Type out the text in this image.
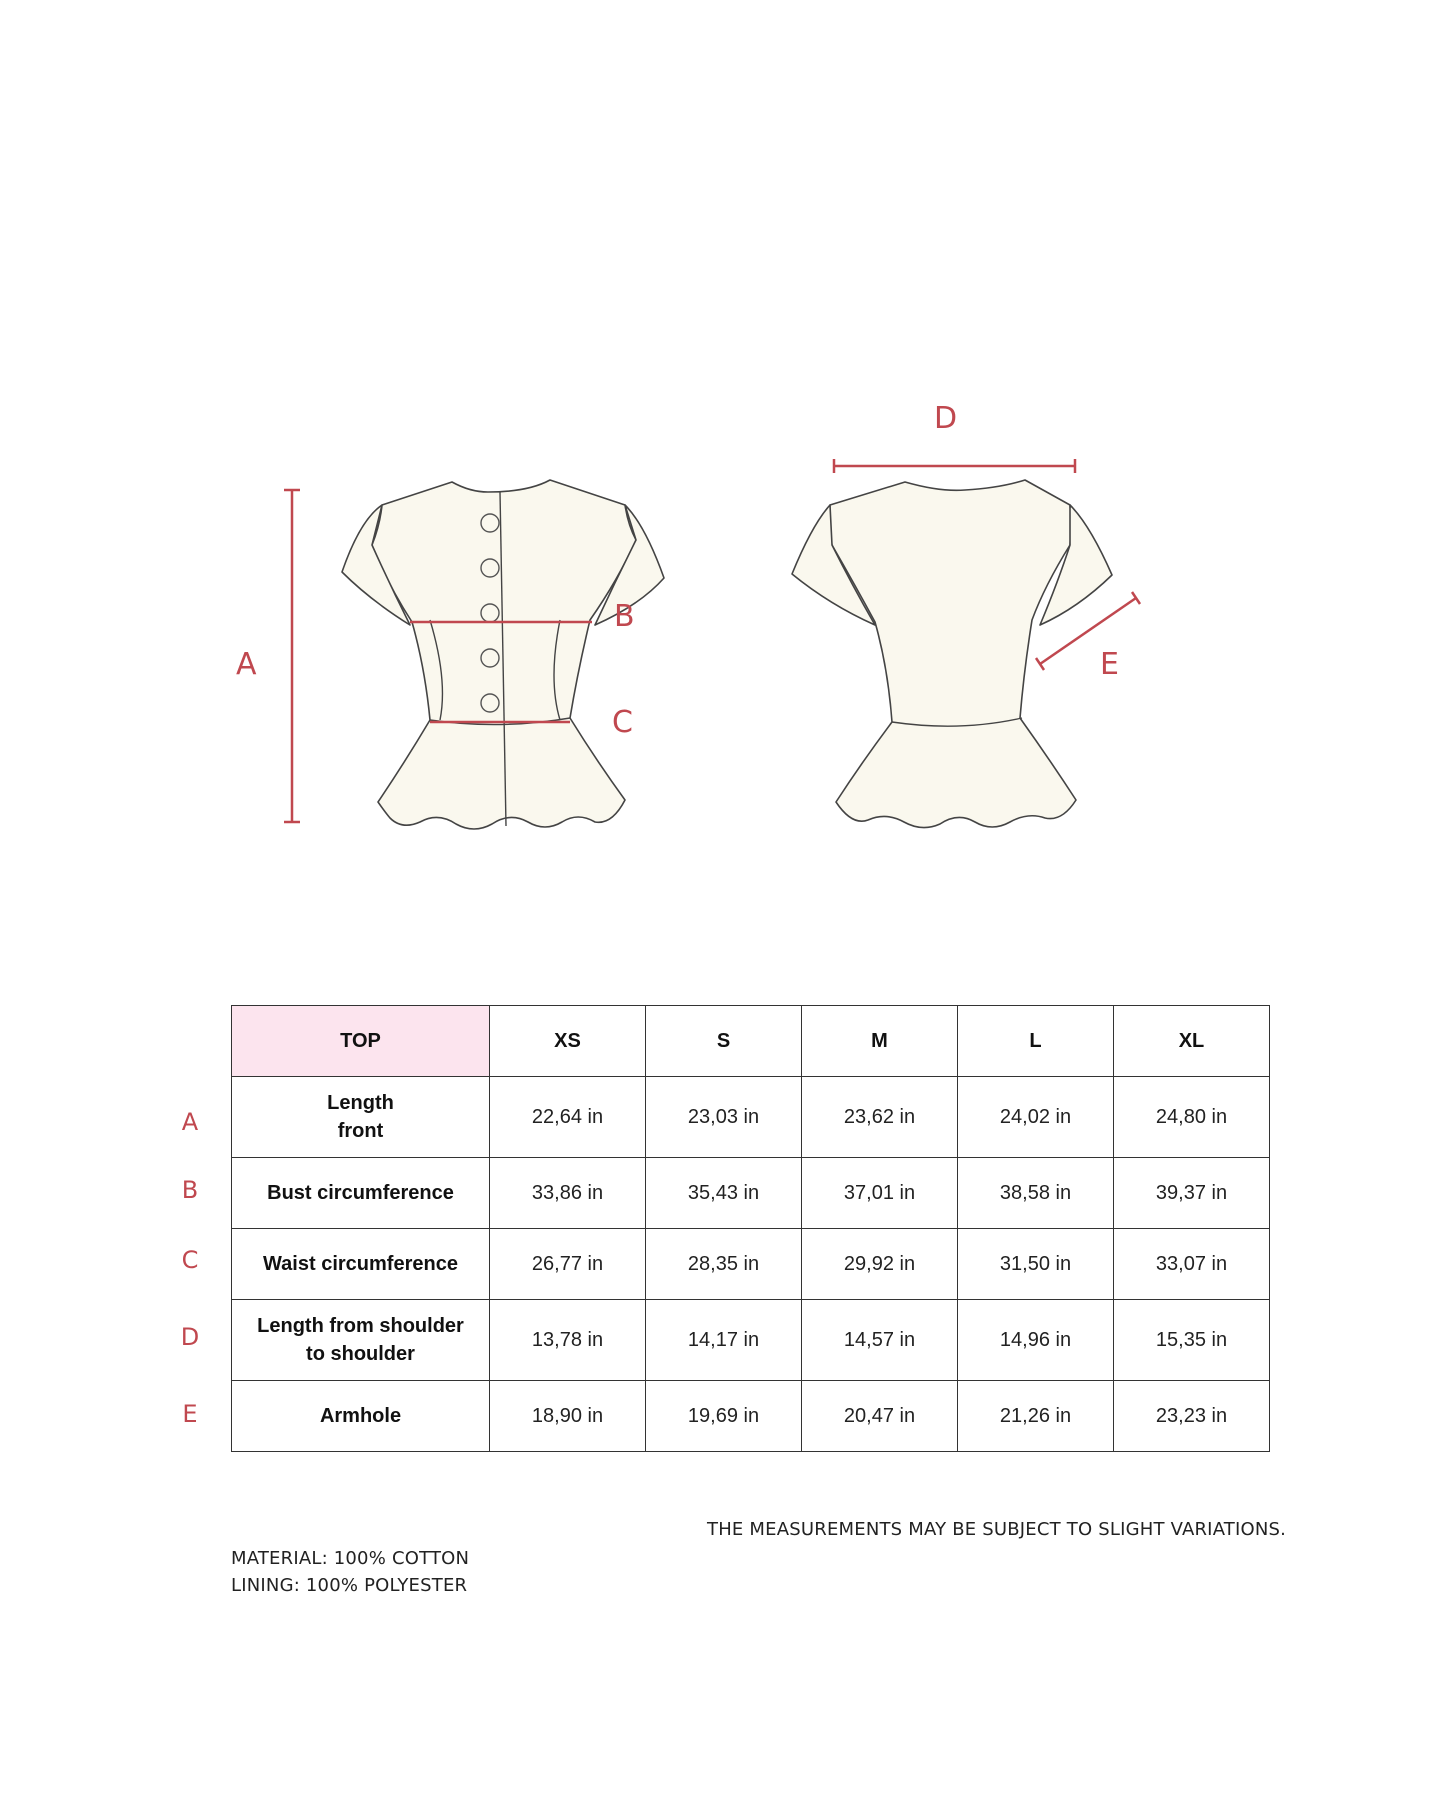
A
B
C
D
E
A
B
C
D
E
TOP	XS	S	M	L	XL

Length
front	22,64 in	23,03 in	23,62 in	24,02 in	24,80 in

Bust circumference	33,86 in	35,43 in	37,01 in	38,58 in	39,37 in

Waist circumference	26,77 in	28,35 in	29,92 in	31,50 in	33,07 in

Length from shoulder
to shoulder	13,78 in	14,17 in	14,57 in	14,96 in	15,35 in

Armhole	18,90 in	19,69 in	20,47 in	21,26 in	23,23 in
THE MEASUREMENTS MAY BE SUBJECT TO SLIGHT VARIATIONS.
MATERIAL: 100% COTTON
LINING: 100% POLYESTER
